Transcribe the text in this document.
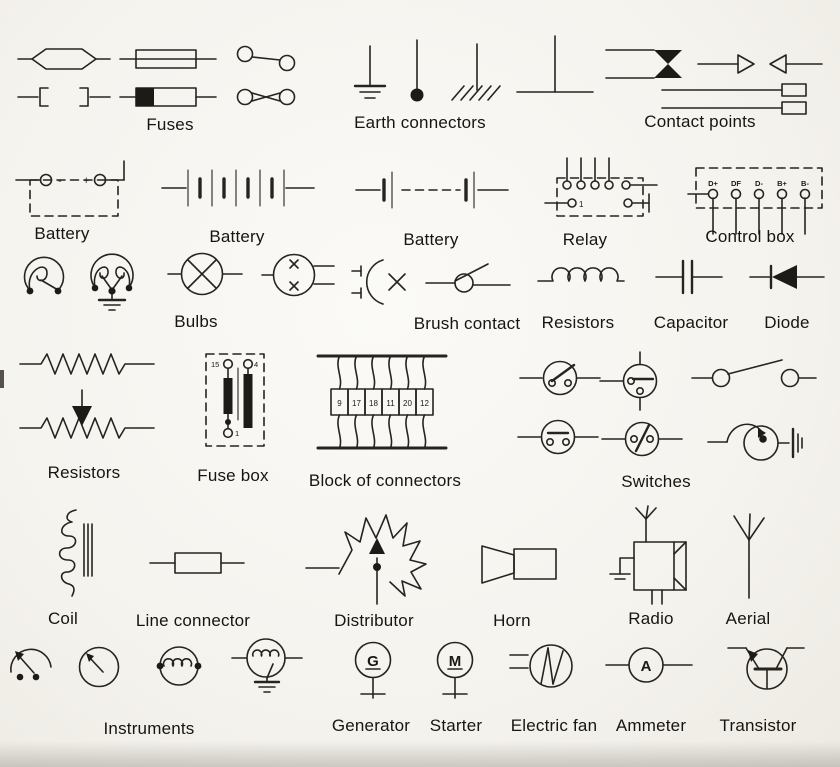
Fuses	Earth connectors	Contact points
- +
Battery	Battery	Battery
1
Relay
D+ DF D- B+ B-
Control box
Bulbs	Brush contact Resistors Capacitor Diode
Resistors
15	4
1
Fuse box
9 17 18 11 20 12
Block of connectors	Switches
Coil	Line connector	Distributor	Horn	Radio	Aerial
Instruments
G
Generator
M
Starter Electric fan
A
Ammeter Transistor
